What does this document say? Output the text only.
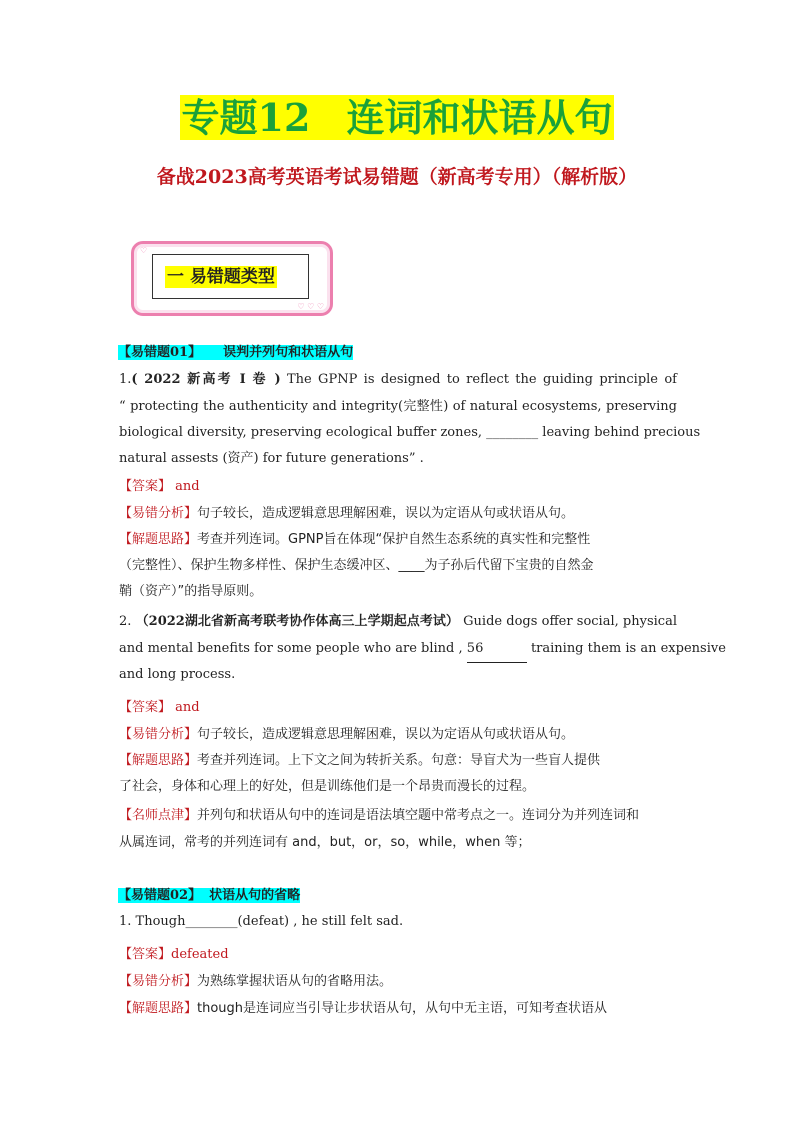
专题12 连词和状语从句
备战2023高考英语考试易错题（新高考专用）（解析版）
♡
一 易错题类型
♡ ♡ ♡
【易错题01】 误判并列句和状语从句
1.( 2022 新高考 I 卷 ) The GPNP is designed to reflect the guiding principle of
“ protecting the authenticity and integrity(完整性) of natural ecosystems, preserving
biological diversity, preserving ecological buffer zones, ________ leaving behind precious
natural assests (资产) for future generations” .
【答案】 and
【易错分析】句子较长，造成逻辑意思理解困难，误以为定语从句或状语从句。
【解题思路】考查并列连词。GPNP旨在体现“保护自然生态系统的真实性和完整性
（完整性）、保护生物多样性、保护生态缓冲区、____为子孙后代留下宝贵的自然金
鞘（资产）”的指导原则。
2. （2022湖北省新高考联考协作体高三上学期起点考试） Guide dogs offer social, physical
and mental benefits for some people who are blind , 56	training them is an expensive
and long process.
【答案】 and
【易错分析】句子较长，造成逻辑意思理解困难，误以为定语从句或状语从句。
【解题思路】考查并列连词。上下文之间为转折关系。句意：导盲犬为一些盲人提供
了社会，身体和心理上的好处，但是训练他们是一个昂贵而漫长的过程。
【名师点津】并列句和状语从句中的连词是语法填空题中常考点之一。连词分为并列连词和
从属连词，常考的并列连词有 and，but，or，so，while，when 等；
【易错题02】 状语从句的省略
1. Though________(defeat) , he still felt sad.
【答案】defeated
【易错分析】为熟练掌握状语从句的省略用法。
【解题思路】though是连词应当引导让步状语从句，从句中无主语，可知考查状语从
